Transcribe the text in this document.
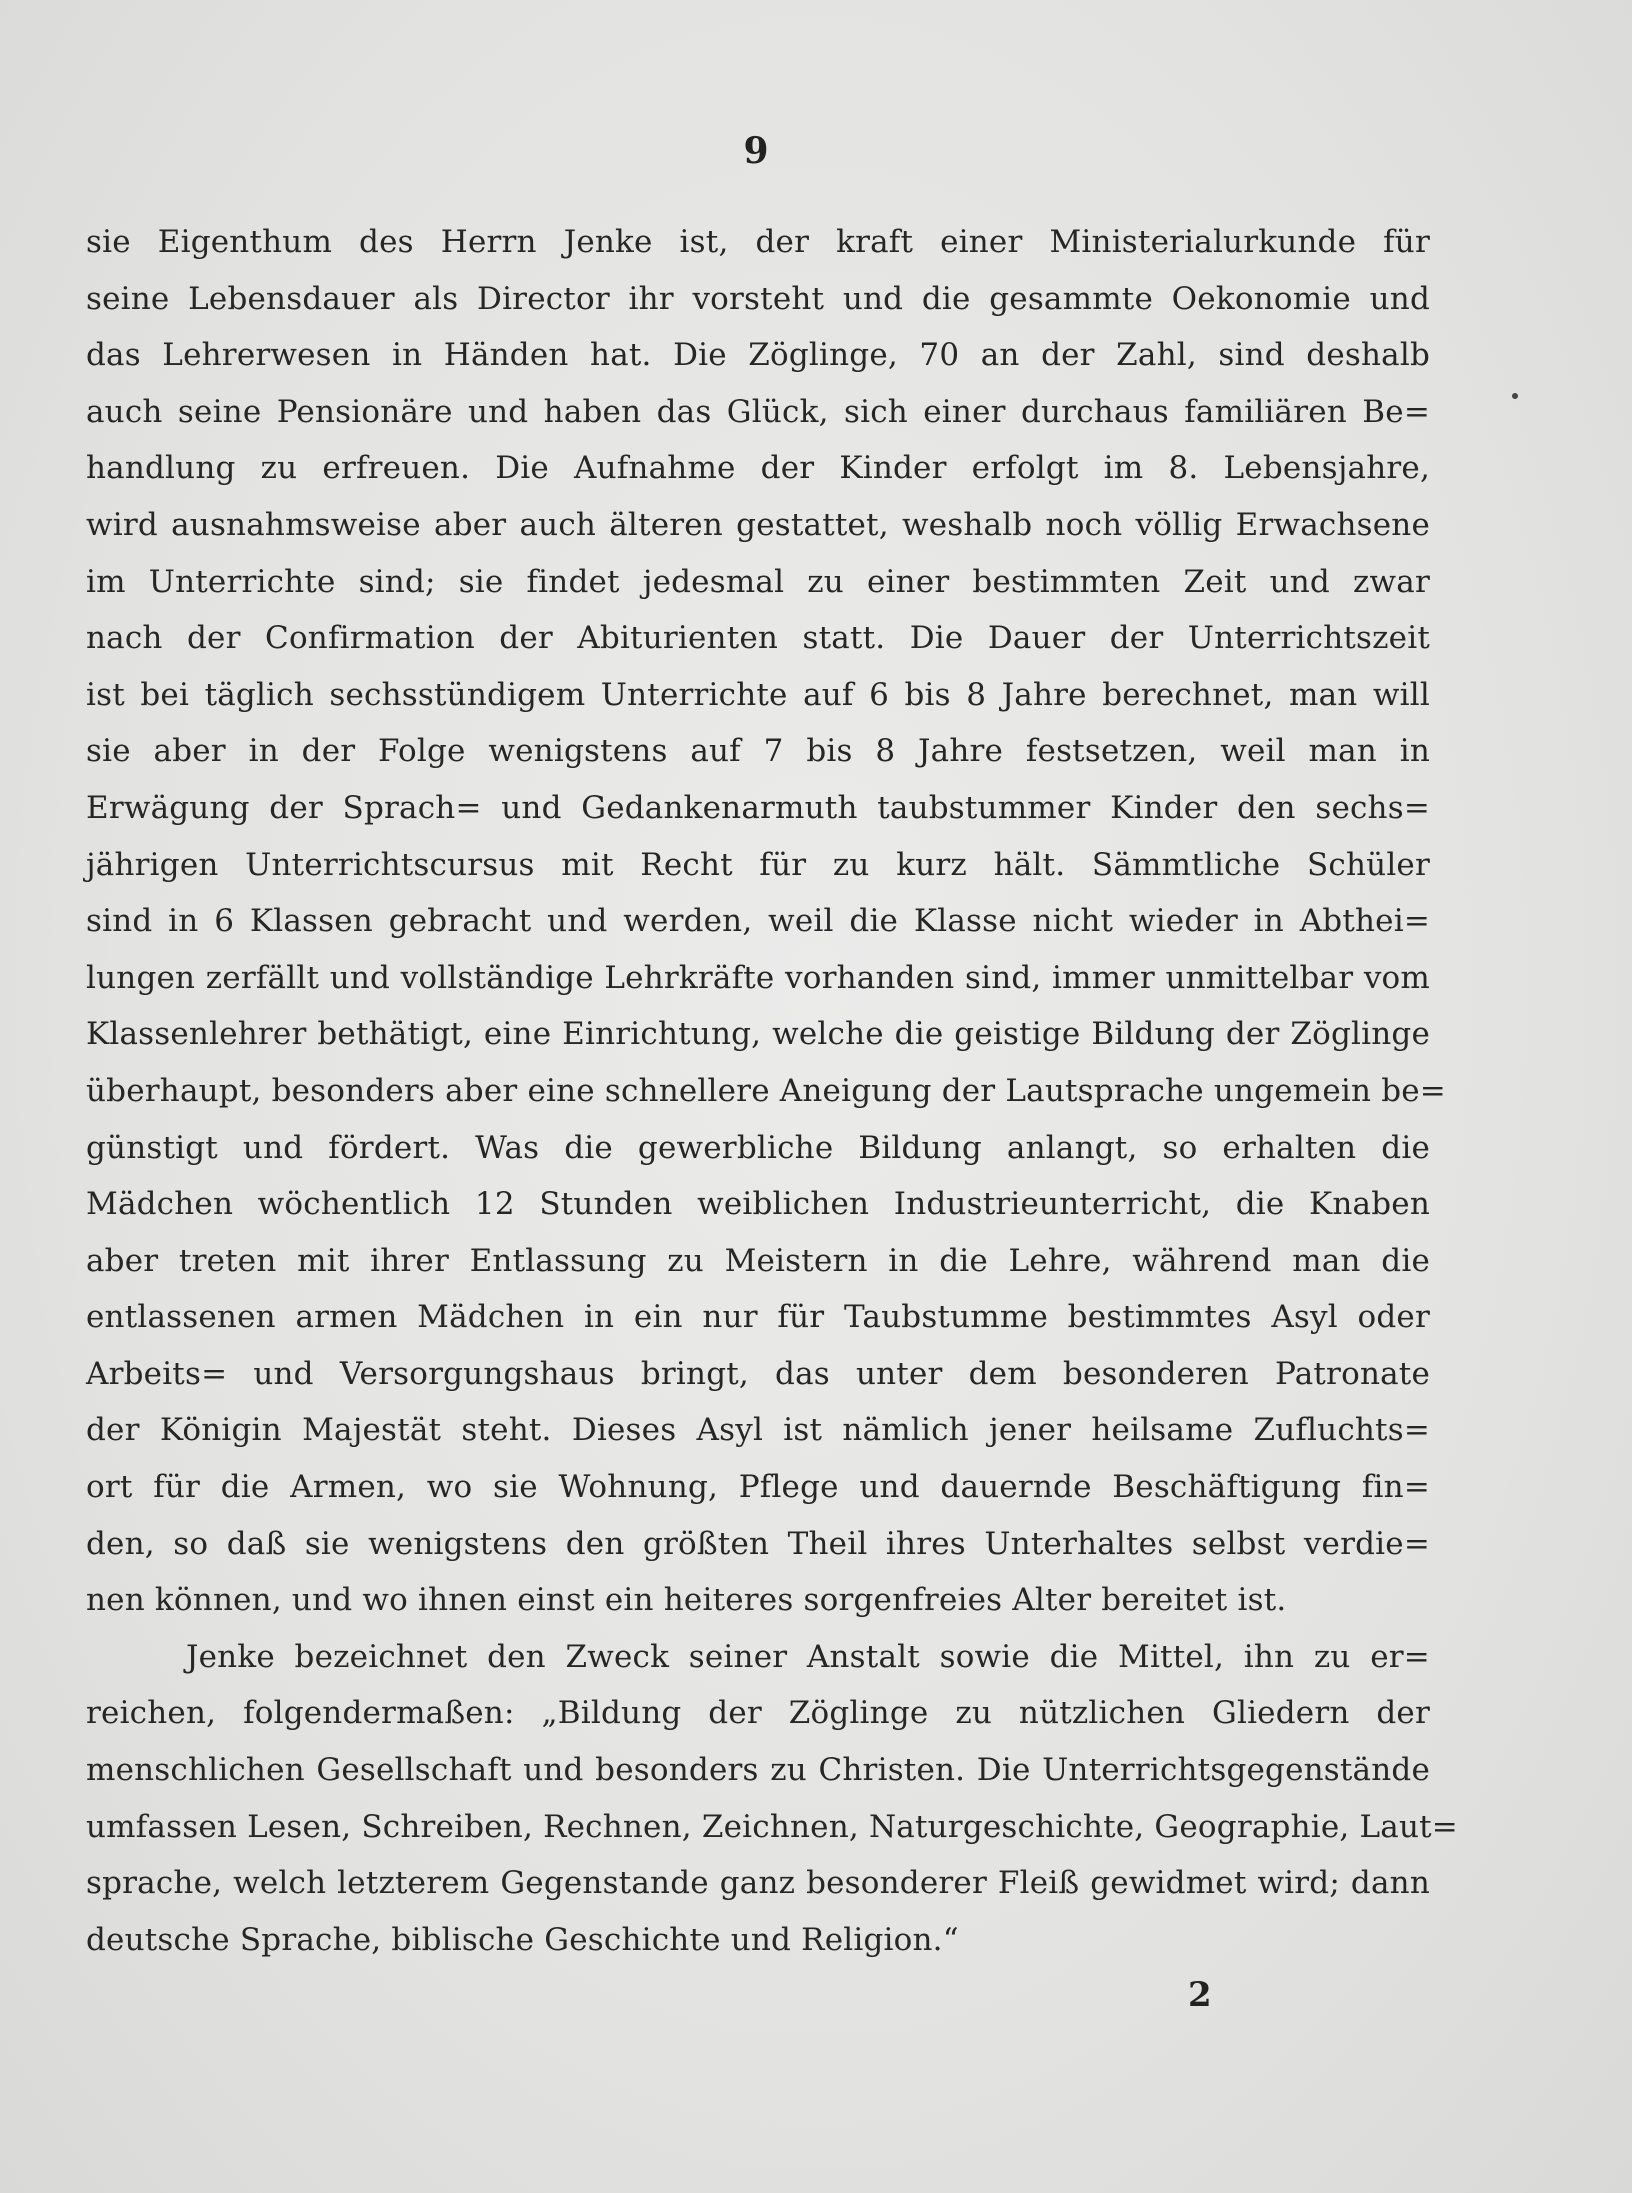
9
sie Eigenthum des Herrn Jenke ist, der kraft einer Ministerialurkunde für
seine Lebensdauer als Director ihr vorsteht und die gesammte Oekonomie und
das Lehrerwesen in Händen hat. Die Zöglinge, 70 an der Zahl, sind deshalb
auch seine Pensionäre und haben das Glück, sich einer durchaus familiären Be=
handlung zu erfreuen. Die Aufnahme der Kinder erfolgt im 8. Lebensjahre,
wird ausnahmsweise aber auch älteren gestattet, weshalb noch völlig Erwachsene
im Unterrichte sind; sie findet jedesmal zu einer bestimmten Zeit und zwar
nach der Confirmation der Abiturienten statt. Die Dauer der Unterrichtszeit
ist bei täglich sechsstündigem Unterrichte auf 6 bis 8 Jahre berechnet, man will
sie aber in der Folge wenigstens auf 7 bis 8 Jahre festsetzen, weil man in
Erwägung der Sprach= und Gedankenarmuth taubstummer Kinder den sechs=
jährigen Unterrichtscursus mit Recht für zu kurz hält. Sämmtliche Schüler
sind in 6 Klassen gebracht und werden, weil die Klasse nicht wieder in Abthei=
lungen zerfällt und vollständige Lehrkräfte vorhanden sind, immer unmittelbar vom
Klassenlehrer bethätigt, eine Einrichtung, welche die geistige Bildung der Zöglinge
überhaupt, besonders aber eine schnellere Aneigung der Lautsprache ungemein be=
günstigt und fördert. Was die gewerbliche Bildung anlangt, so erhalten die
Mädchen wöchentlich 12 Stunden weiblichen Industrieunterricht, die Knaben
aber treten mit ihrer Entlassung zu Meistern in die Lehre, während man die
entlassenen armen Mädchen in ein nur für Taubstumme bestimmtes Asyl oder
Arbeits= und Versorgungshaus bringt, das unter dem besonderen Patronate
der Königin Majestät steht. Dieses Asyl ist nämlich jener heilsame Zufluchts=
ort für die Armen, wo sie Wohnung, Pflege und dauernde Beschäftigung fin=
den, so daß sie wenigstens den größten Theil ihres Unterhaltes selbst verdie=
nen können, und wo ihnen einst ein heiteres sorgenfreies Alter bereitet ist.
Jenke bezeichnet den Zweck seiner Anstalt sowie die Mittel, ihn zu er=
reichen, folgendermaßen: „Bildung der Zöglinge zu nützlichen Gliedern der
menschlichen Gesellschaft und besonders zu Christen. Die Unterrichtsgegenstände
umfassen Lesen, Schreiben, Rechnen, Zeichnen, Naturgeschichte, Geographie, Laut=
sprache, welch letzterem Gegenstande ganz besonderer Fleiß gewidmet wird; dann
deutsche Sprache, biblische Geschichte und Religion.“
2
